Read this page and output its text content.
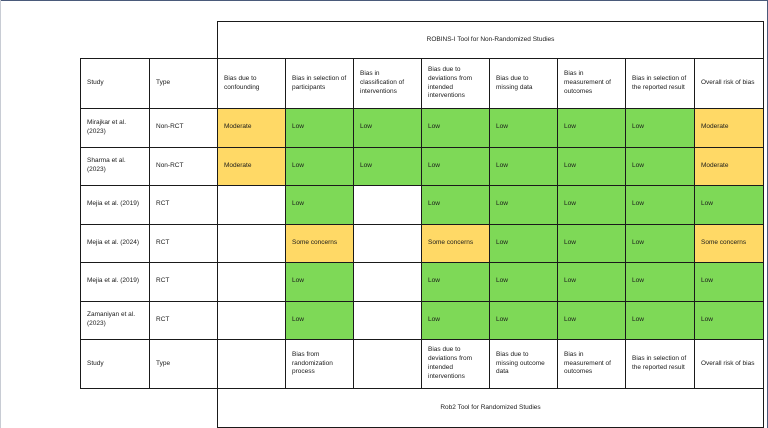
		ROBINS-I Tool for Non-Randomized Studies							
Study	Type	Bias due to confounding	Bias in selection of participants	Bias in classification of interventions	Bias due to deviations from intended interventions	Bias due to missing data	Bias in measurement of outcomes	Bias in selection of the reported result	Overall risk of bias
Mirajkar et al. (2023)	Non-RCT	Moderate	Low	Low	Low	Low	Low	Low	Moderate
Sharma et al. (2023)	Non-RCT	Moderate	Low	Low	Low	Low	Low	Low	Moderate
Mejia et al. (2019)	RCT		Low		Low	Low	Low	Low	Low
Mejia et al. (2024)	RCT		Some concerns		Some concerns	Low	Low	Low	Some concerns
Mejia et al. (2019)	RCT		Low		Low	Low	Low	Low	Low
Zamaniyan et al. (2023)	RCT		Low		Low	Low	Low	Low	Low
Study	Type		Bias from randomization process		Bias due to deviations from intended interventions	Bias due to missing outcome data	Bias in measurement of outcomes	Bias in selection of the reported result	Overall risk of bias
		Rob2 Tool for Randomized Studies							
